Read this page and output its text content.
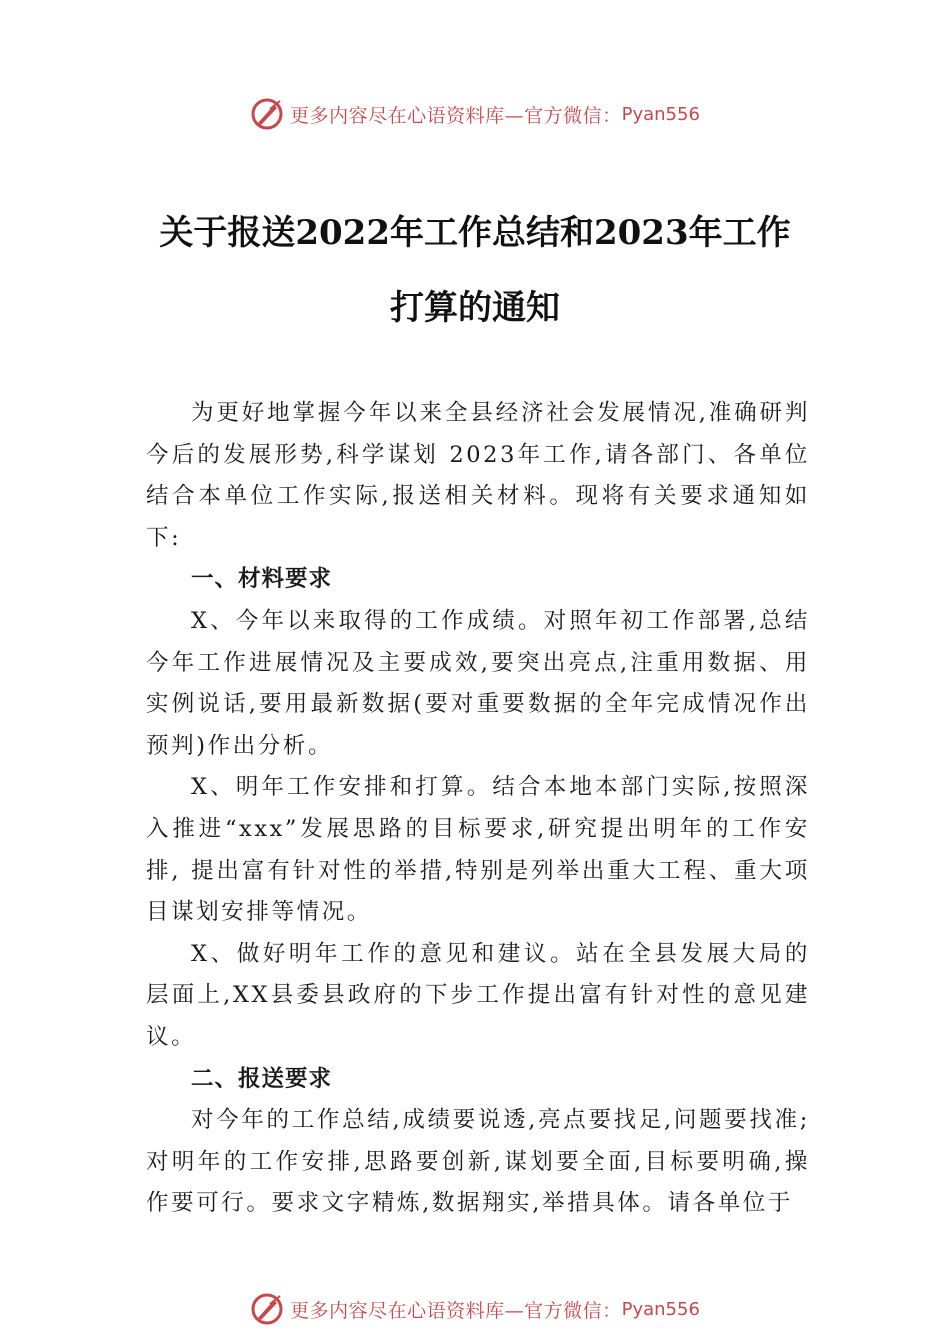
更多内容尽在心语资料库—官方微信： Pyan556
关于报送2022年工作总结和2023年工作
打算的通知

为更好地掌握今年以来全县经济社会发展情况,准确研判今后的发展形势,科学谋划 2023年工作,请各部门、各单位结合本单位工作实际,报送相关材料。现将有关要求通知如下:

一、材料要求

X、今年以来取得的工作成绩。对照年初工作部署,总结今年工作进展情况及主要成效,要突出亮点,注重用数据、用实例说话,要用最新数据(要对重要数据的全年完成情况作出预判)作出分析。

X、明年工作安排和打算。结合本地本部门实际,按照深入推进“xxx”发展思路的目标要求,研究提出明年的工作安排, 提出富有针对性的举措,特别是列举出重大工程、重大项目谋划安排等情况。

X、做好明年工作的意见和建议。站在全县发展大局的层面上,XX县委县政府的下步工作提出富有针对性的意见建 议。

二、报送要求

对今年的工作总结,成绩要说透,亮点要找足,问题要找准;对明年的工作安排,思路要创新,谋划要全面,目标要明确,操作要可行。要求文字精炼,数据翔实,举措具体。请各单位于

更多内容尽在心语资料库—官方微信： Pyan556
